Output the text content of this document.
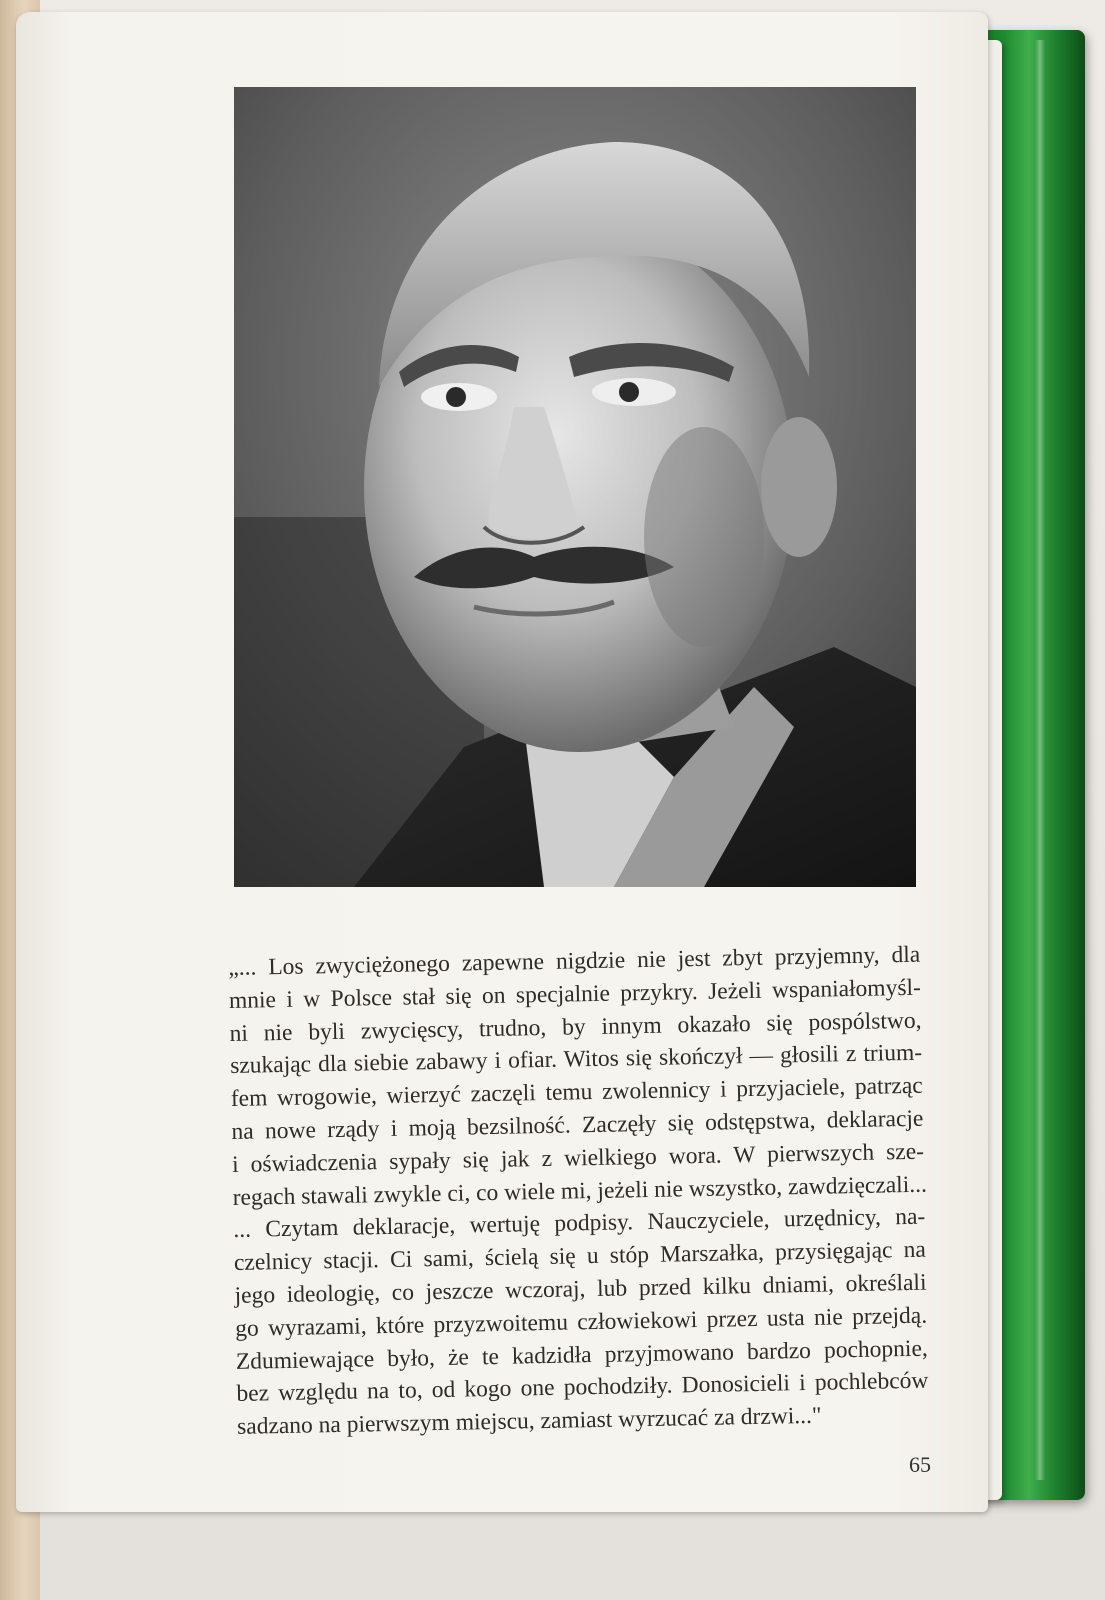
„... Los zwyciężonego zapewne nigdzie nie jest zbyt przyjemny, dla
mnie i w Polsce stał się on specjalnie przykry. Jeżeli wspaniałomyśl-
ni nie byli zwycięscy, trudno, by innym okazało się pospólstwo,
szukając dla siebie zabawy i ofiar. Witos się skończył — głosili z trium-
fem wrogowie, wierzyć zaczęli temu zwolennicy i przyjaciele, patrząc
na nowe rządy i moją bezsilność. Zaczęły się odstępstwa, deklaracje
i oświadczenia sypały się jak z wielkiego wora. W pierwszych sze-
regach stawali zwykle ci, co wiele mi, jeżeli nie wszystko, zawdzięczali...
... Czytam deklaracje, wertuję podpisy. Nauczyciele, urzędnicy, na-
czelnicy stacji. Ci sami, ścielą się u stóp Marszałka, przysięgając na
jego ideologię, co jeszcze wczoraj, lub przed kilku dniami, określali
go wyrazami, które przyzwoitemu człowiekowi przez usta nie przejdą.
Zdumiewające było, że te kadzidła przyjmowano bardzo pochopnie,
bez względu na to, od kogo one pochodziły. Donosicieli i pochlebców
sadzano na pierwszym miejscu, zamiast wyrzucać za drzwi..."
65
